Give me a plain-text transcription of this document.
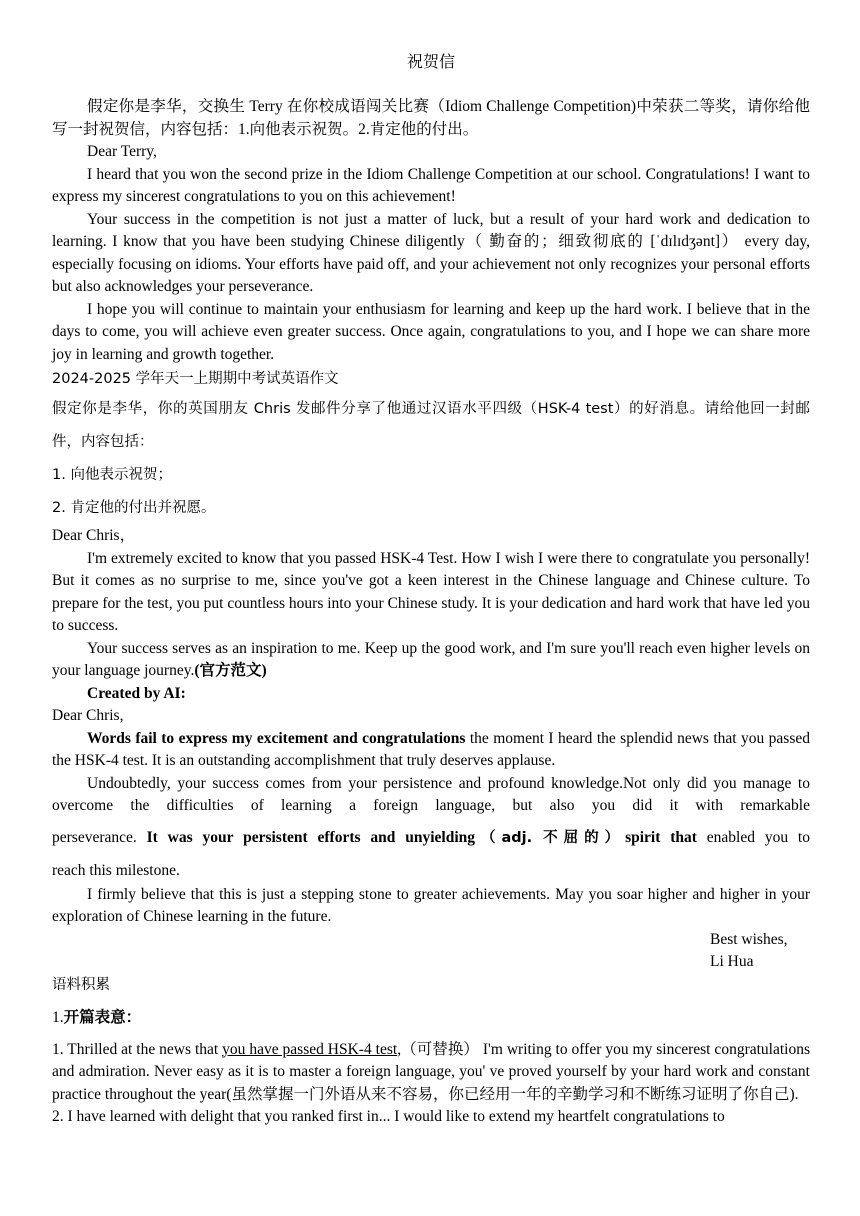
祝贺信

假定你是李华，交换生 Terry 在你校成语闯关比赛（Idiom Challenge Competition)中荣获二等奖，请你给他写一封祝贺信，内容包括：1.向他表示祝贺。2.肯定他的付出。

Dear Terry,

I heard that you won the second prize in the Idiom Challenge Competition at our school. Congratulations! I want to express my sincerest congratulations to you on this achievement!

Your success in the competition is not just a matter of luck, but a result of your hard work and dedication to learning. I know that you have been studying Chinese diligently（ 勤奋的；细致彻底的 [ˈdɪlɪdʒənt]） every day, especially focusing on idioms. Your efforts have paid off, and your achievement not only recognizes your personal efforts but also acknowledges your perseverance.

I hope you will continue to maintain your enthusiasm for learning and keep up the hard work. I believe that in the days to come, you will achieve even greater success. Once again, congratulations to you, and I hope we can share more joy in learning and growth together.

2024-2025 学年天一上期期中考试英语作文

假定你是李华，你的英国朋友 Chris 发邮件分享了他通过汉语水平四级（HSK-4 test）的好消息。请给他回一封邮件，内容包括：

1. 向他表示祝贺；

2. 肯定他的付出并祝愿。

Dear Chris，

I'm extremely excited to know that you passed HSK-4 Test. How I wish I were there to congratulate you personally! But it comes as no surprise to me, since you've got a keen interest in the Chinese language and Chinese culture. To prepare for the test, you put countless hours into your Chinese study. It is your dedication and hard work that have led you to success.

Your success serves as an inspiration to me. Keep up the good work, and I'm sure you'll reach even higher levels on your language journey.(官方范文)

Created by AI:

Dear Chris,

Words fail to express my excitement and congratulations the moment I heard the splendid news that you passed the HSK-4 test. It is an outstanding accomplishment that truly deserves applause.

Undoubtedly, your success comes from your persistence and profound knowledge.Not only did you manage to overcome the difficulties of learning a foreign language, but also you did it with remarkable

perseverance. It was your persistent efforts and unyielding（adj. 不屈的）spirit that enabled you to

reach this milestone.

I firmly believe that this is just a stepping stone to greater achievements. May you soar higher and higher in your exploration of Chinese learning in the future.

Best wishes,

Li Hua

语料积累

1.开篇表意：

1. Thrilled at the news that you have passed HSK-4 test,（可替换） I'm writing to offer you my sincerest congratulations and admiration. Never easy as it is to master a foreign language, you' ve proved yourself by your hard work and constant practice throughout the year(虽然掌握一门外语从来不容易，你已经用一年的辛勤学习和不断练习证明了你自己).

2. I have learned with delight that you ranked first in... I would like to extend my heartfelt congratulations to
